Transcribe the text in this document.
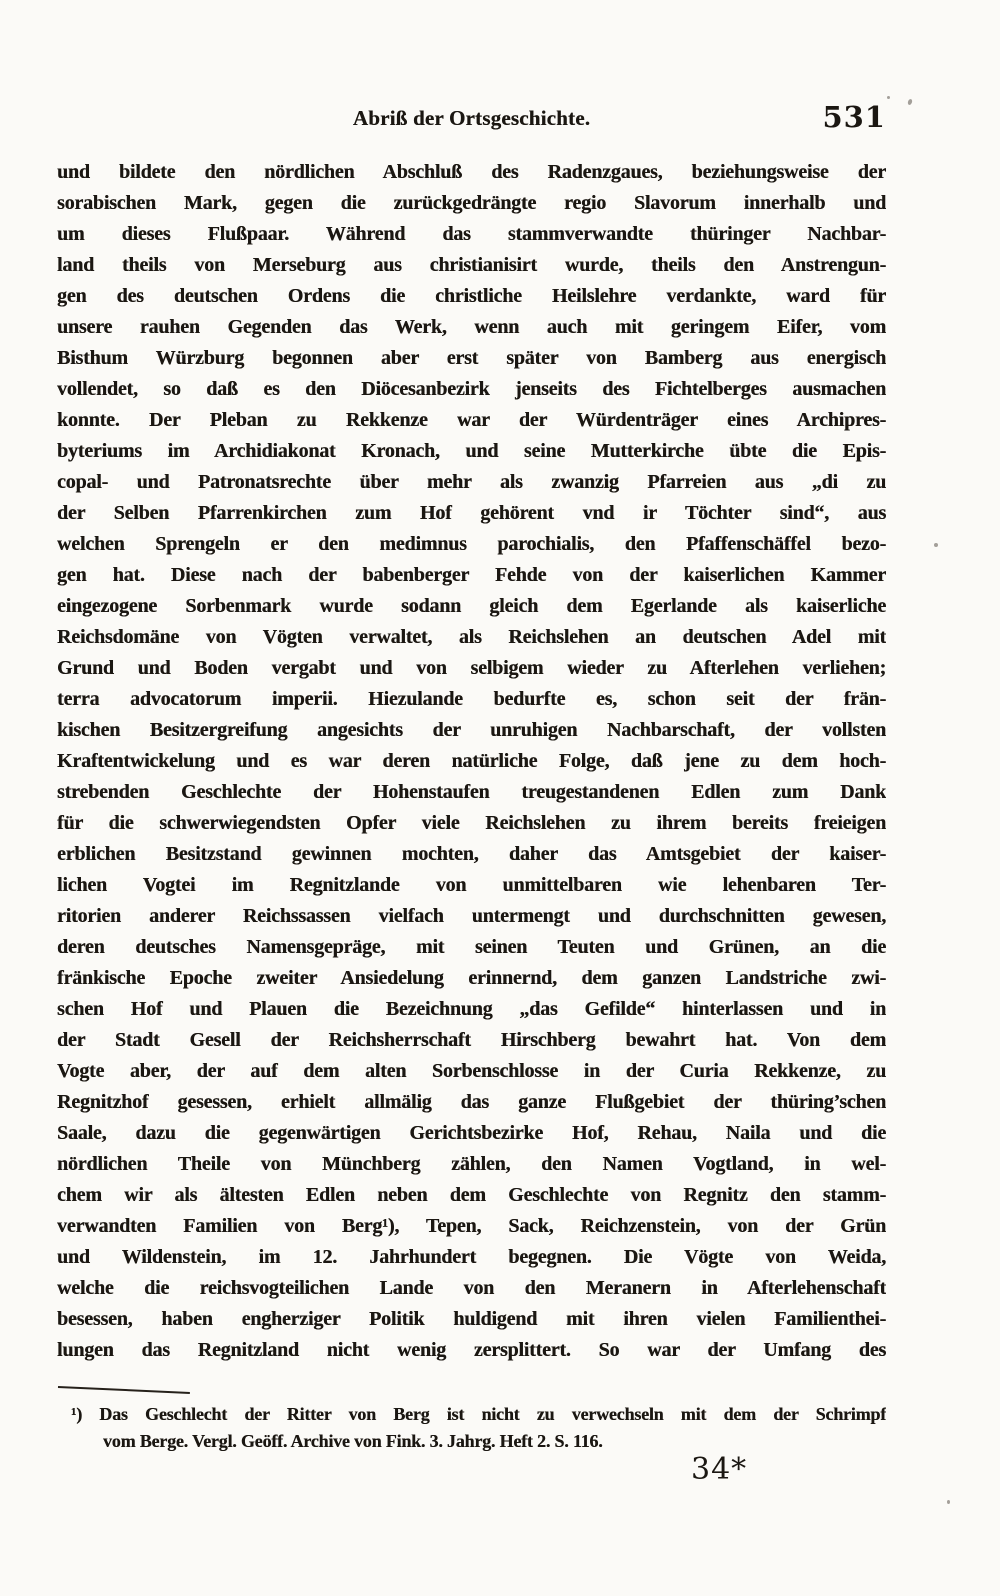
Abriß der Ortsgeschichte.	531
und bildete den nördlichen Abschluß des Radenzgaues, beziehungsweise der
sorabischen Mark, gegen die zurückgedrängte regio Slavorum innerhalb und
um dieses Flußpaar. Während das stammverwandte thüringer Nachbar-
land theils von Merseburg aus christianisirt wurde, theils den Anstrengun-
gen des deutschen Ordens die christliche Heilslehre verdankte, ward für
unsere rauhen Gegenden das Werk, wenn auch mit geringem Eifer, vom
Bisthum Würzburg begonnen aber erst später von Bamberg aus energisch
vollendet, so daß es den Diöcesanbezirk jenseits des Fichtelberges ausmachen
konnte. Der Pleban zu Rekkenze war der Würdenträger eines Archipres-
byteriums im Archidiakonat Kronach, und seine Mutterkirche übte die Epis-
copal- und Patronatsrechte über mehr als zwanzig Pfarreien aus „di zu
der Selben Pfarrenkirchen zum Hof gehörent vnd ir Töchter sind“, aus
welchen Sprengeln er den medimnus parochialis, den Pfaffenschäffel bezo-
gen hat. Diese nach der babenberger Fehde von der kaiserlichen Kammer
eingezogene Sorbenmark wurde sodann gleich dem Egerlande als kaiserliche
Reichsdomäne von Vögten verwaltet, als Reichslehen an deutschen Adel mit
Grund und Boden vergabt und von selbigem wieder zu Afterlehen verliehen;
terra advocatorum imperii. Hiezulande bedurfte es, schon seit der frän-
kischen Besitzergreifung angesichts der unruhigen Nachbarschaft, der vollsten
Kraftentwickelung und es war deren natürliche Folge, daß jene zu dem hoch-
strebenden Geschlechte der Hohenstaufen treugestandenen Edlen zum Dank
für die schwerwiegendsten Opfer viele Reichslehen zu ihrem bereits freieigen
erblichen Besitzstand gewinnen mochten, daher das Amtsgebiet der kaiser-
lichen Vogtei im Regnitzlande von unmittelbaren wie lehenbaren Ter-
ritorien anderer Reichssassen vielfach untermengt und durchschnitten gewesen,
deren deutsches Namensgepräge, mit seinen Teuten und Grünen, an die
fränkische Epoche zweiter Ansiedelung erinnernd, dem ganzen Landstriche zwi-
schen Hof und Plauen die Bezeichnung „das Gefilde“ hinterlassen und in
der Stadt Gesell der Reichsherrschaft Hirschberg bewahrt hat. Von dem
Vogte aber, der auf dem alten Sorbenschlosse in der Curia Rekkenze, zu
Regnitzhof gesessen, erhielt allmälig das ganze Flußgebiet der thüring’schen
Saale, dazu die gegenwärtigen Gerichtsbezirke Hof, Rehau, Naila und die
nördlichen Theile von Münchberg zählen, den Namen Vogtland, in wel-
chem wir als ältesten Edlen neben dem Geschlechte von Regnitz den stamm-
verwandten Familien von Berg¹), Tepen, Sack, Reichzenstein, von der Grün
und Wildenstein, im 12. Jahrhundert begegnen. Die Vögte von Weida,
welche die reichsvogteilichen Lande von den Meranern in Afterlehenschaft
besessen, haben engherziger Politik huldigend mit ihren vielen Familienthei-
lungen das Regnitzland nicht wenig zersplittert. So war der Umfang des
¹) Das Geschlecht der Ritter von Berg ist nicht zu verwechseln mit dem der Schrimpf
vom Berge. Vergl. Geöff. Archive von Fink. 3. Jahrg. Heft 2. S. 116.
34*
